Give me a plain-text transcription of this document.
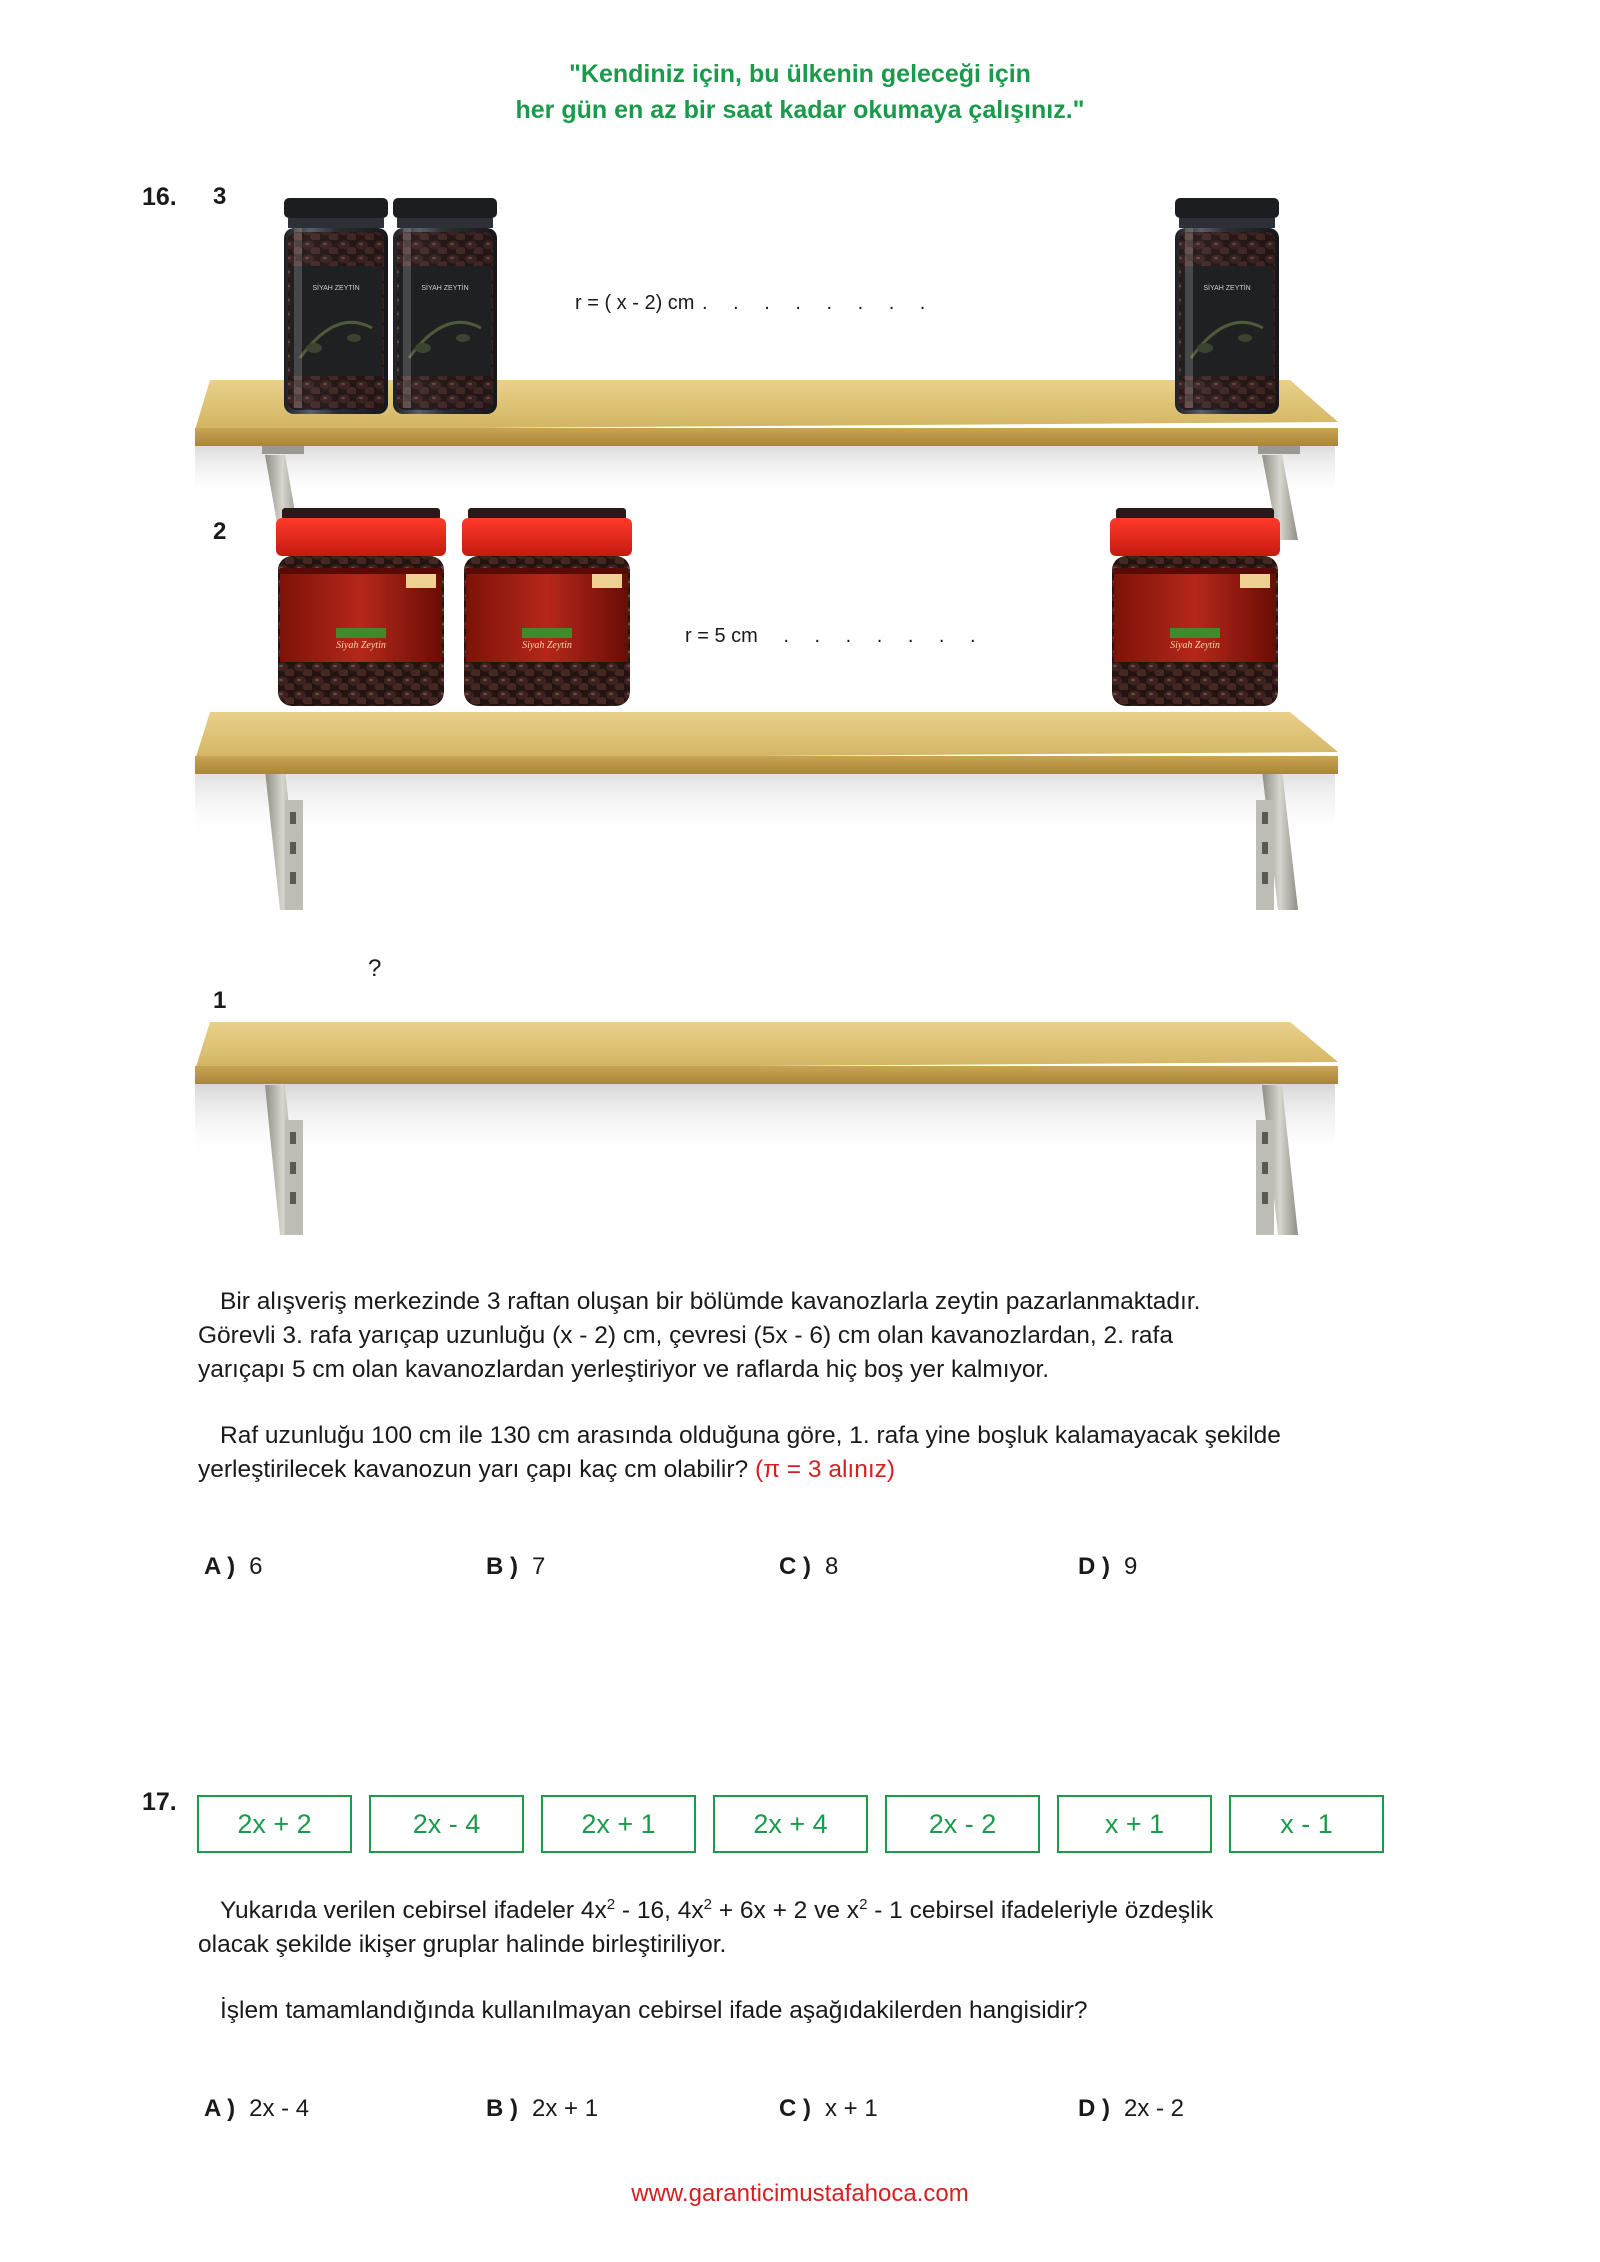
SİYAH ZEYTİN	SİYAH ZEYTİN	SİYAH ZEYTİN
Siyah Zeytin	Siyah Zeytin	Siyah Zeytin
"Kendiniz için, bu ülkenin geleceği için
her gün en az bir saat kadar okumaya çalışınız."
16. 3
2
1
r = ( x - 2) cm . . . . . . . .
r = 5 cm . . . . . . .
?
Bir alışveriş merkezinde 3 raftan oluşan bir bölümde kavanozlarla zeytin pazarlanmaktadır.
Görevli 3. rafa yarıçap uzunluğu (x - 2) cm, çevresi (5x - 6) cm olan kavanozlardan, 2. rafa
yarıçapı 5 cm olan kavanozlardan yerleştiriyor ve raflarda hiç boş yer kalmıyor.
Raf uzunluğu 100 cm ile 130 cm arasında olduğuna göre, 1. rafa yine boşluk kalamayacak şekilde
yerleştirilecek kavanozun yarı çapı kaç cm olabilir? (π = 3 alınız)
A ) 6	B ) 7	C ) 8	D ) 9
17.
2x + 2	2x - 4	2x + 1	2x + 4	2x - 2	x + 1	x - 1
Yukarıda verilen cebirsel ifadeler $4x^2 - 16$, $4x^2 + 6x + 2$ ve $x^2 - 1$ cebirsel ifadeleriyle özdeşlik
olacak şekilde ikişer gruplar halinde birleştiriliyor.
İşlem tamamlandığında kullanılmayan cebirsel ifade aşağıdakilerden hangisidir?
A ) 2x - 4	B ) 2x + 1	C ) x + 1	D ) 2x - 2
www.garanticimustafahoca.com
